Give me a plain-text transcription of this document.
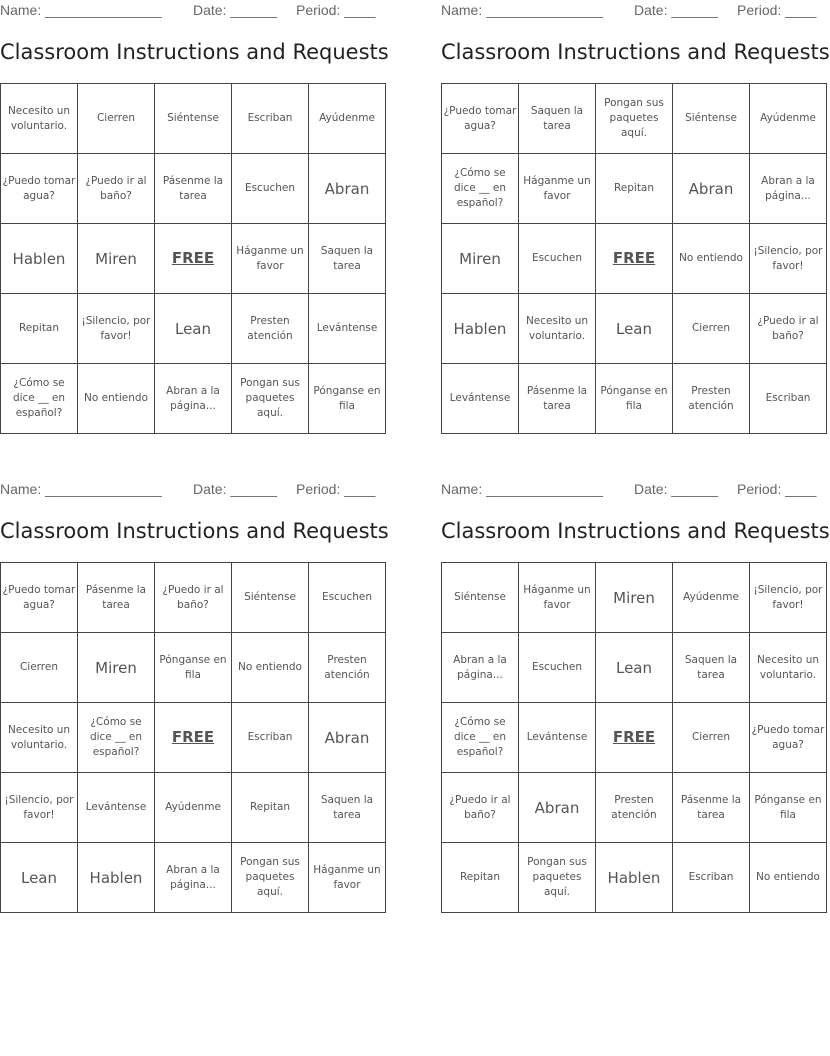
Name: _______________ Date: ______ Period: ____
Classroom Instructions and Requests
Necesito un voluntario.	Cierren	Siéntense	Escriban	Ayúdenme
¿Puedo tomar agua?	¿Puedo ir al baño?	Pásenme la tarea	Escuchen	Abran
Hablen	Miren	FREE	Háganme un favor	Saquen la tarea
Repitan	¡Silencio, por favor!	Lean	Presten atención	Levántense
¿Cómo se dice __ en español?	No entiendo	Abran a la página...	Pongan sus paquetes aquí.	Pónganse en fila
Name: _______________ Date: ______ Period: ____
Classroom Instructions and Requests
¿Puedo tomar agua?	Saquen la tarea	Pongan sus paquetes aquí.	Siéntense	Ayúdenme
¿Cómo se dice __ en español?	Háganme un favor	Repitan	Abran	Abran a la página...
Miren	Escuchen	FREE	No entiendo	¡Silencio, por favor!
Hablen	Necesito un voluntario.	Lean	Cierren	¿Puedo ir al baño?
Levántense	Pásenme la tarea	Pónganse en fila	Presten atención	Escriban
Name: _______________ Date: ______ Period: ____
Classroom Instructions and Requests
¿Puedo tomar agua?	Pásenme la tarea	¿Puedo ir al baño?	Siéntense	Escuchen
Cierren	Miren	Pónganse en fila	No entiendo	Presten atención
Necesito un voluntario.	¿Cómo se dice __ en español?	FREE	Escriban	Abran
¡Silencio, por favor!	Levántense	Ayúdenme	Repitan	Saquen la tarea
Lean	Hablen	Abran a la página...	Pongan sus paquetes aquí.	Háganme un favor
Name: _______________ Date: ______ Period: ____
Classroom Instructions and Requests
Siéntense	Háganme un favor	Miren	Ayúdenme	¡Silencio, por favor!
Abran a la página...	Escuchen	Lean	Saquen la tarea	Necesito un voluntario.
¿Cómo se dice __ en español?	Levántense	FREE	Cierren	¿Puedo tomar agua?
¿Puedo ir al baño?	Abran	Presten atención	Pásenme la tarea	Pónganse en fila
Repitan	Pongan sus paquetes aquí.	Hablen	Escriban	No entiendo
